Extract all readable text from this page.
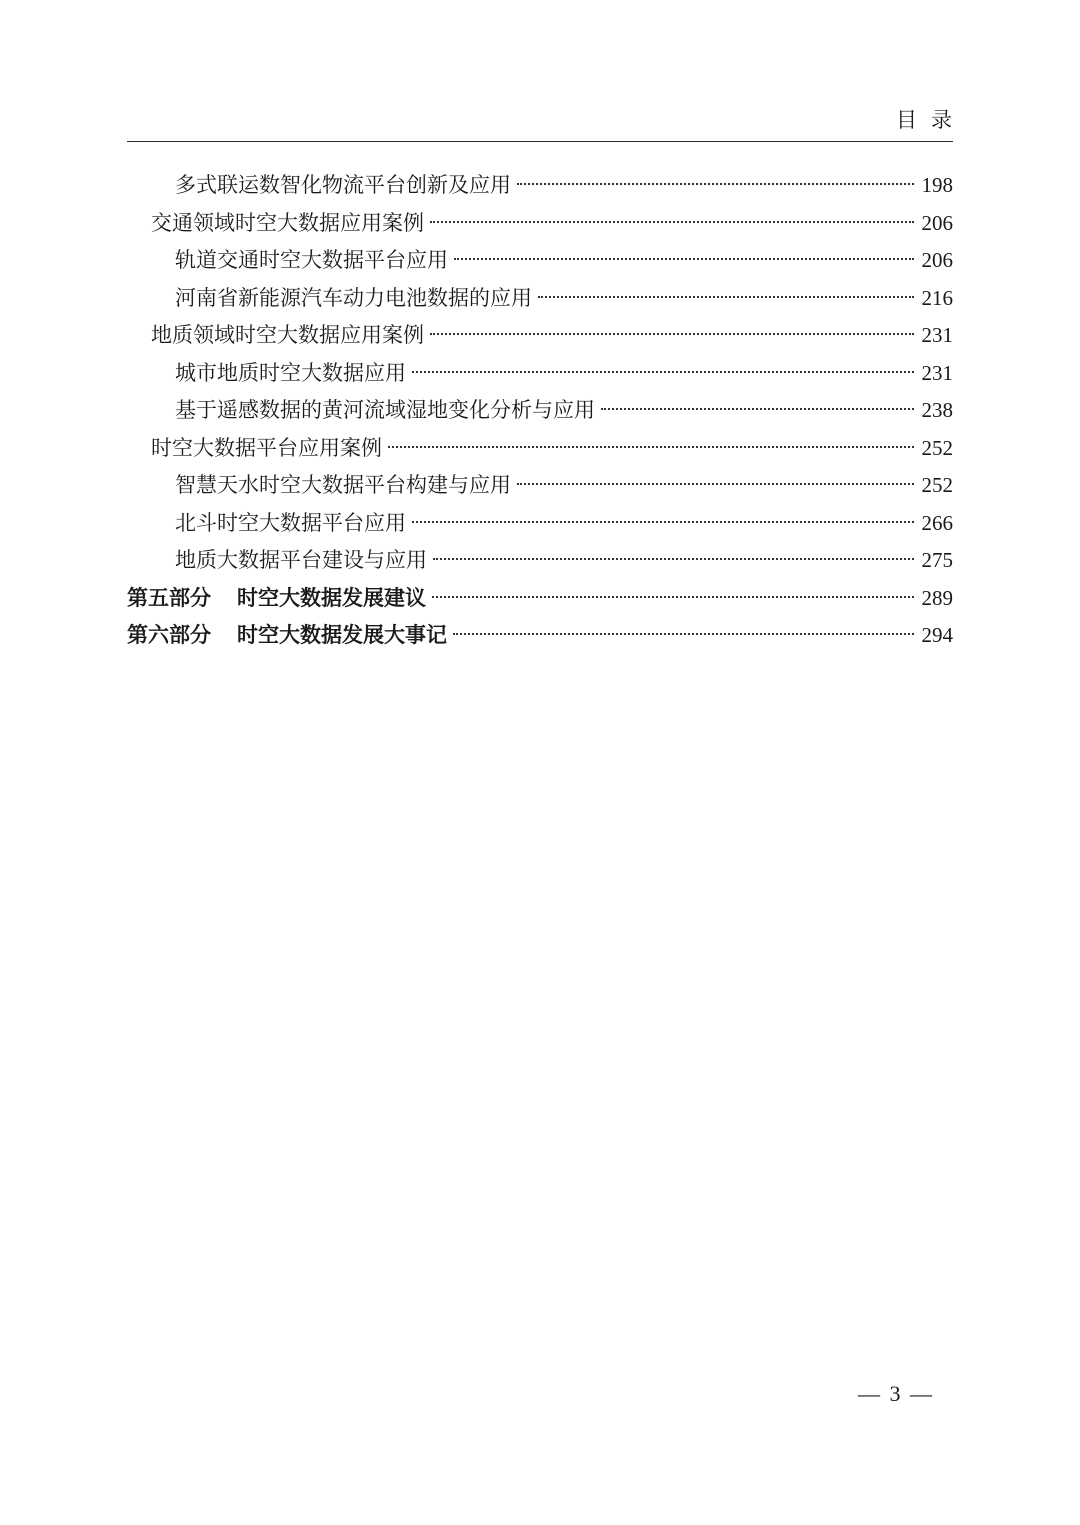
目录
多式联运数智化物流平台创新及应用	198
交通领域时空大数据应用案例	206
轨道交通时空大数据平台应用	206
河南省新能源汽车动力电池数据的应用	216
地质领域时空大数据应用案例	231
城市地质时空大数据应用	231
基于遥感数据的黄河流域湿地变化分析与应用	238
时空大数据平台应用案例	252
智慧天水时空大数据平台构建与应用	252
北斗时空大数据平台应用	266
地质大数据平台建设与应用	275
第五部分 时空大数据发展建议	289
第六部分 时空大数据发展大事记	294
— 3 —
